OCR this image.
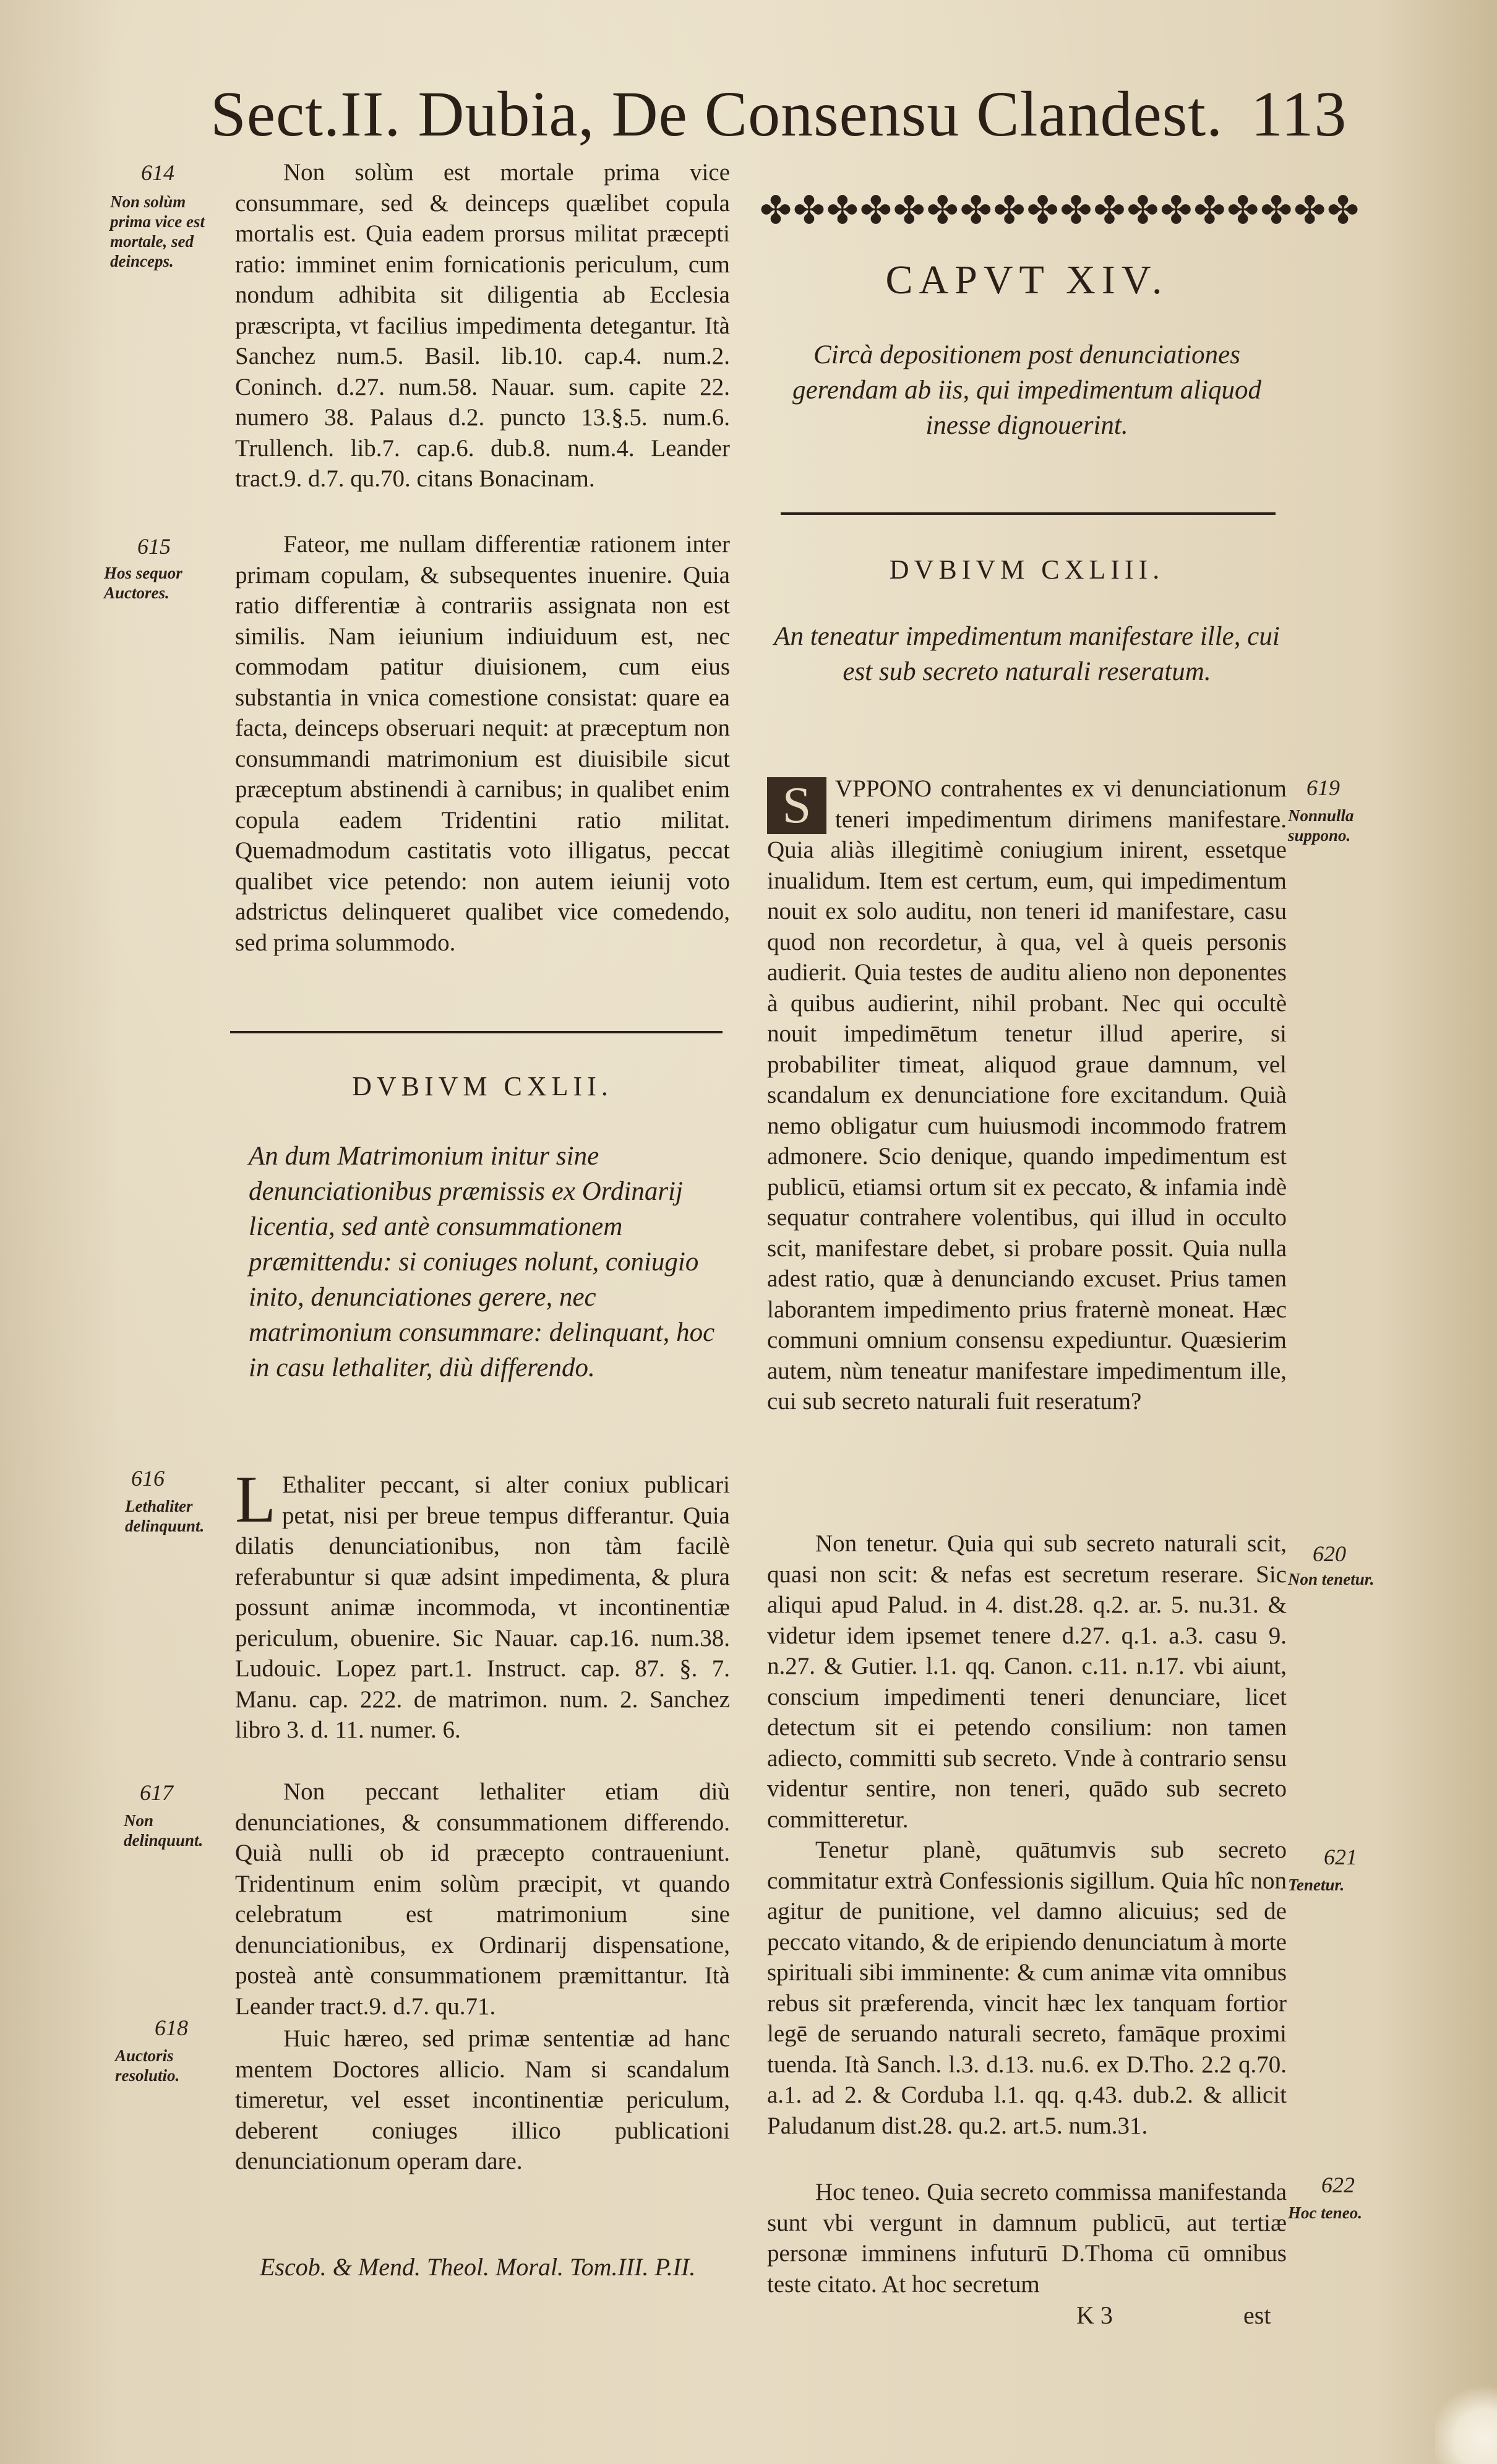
Sect.II. Dubia, De Consensu Clandest. 113
614
Non solùm prima vice est mortale, sed deinceps.

Non solùm est mortale prima vice consummare, sed & deinceps quælibet copula mortalis est. Quia eadem prorsus militat præcepti ratio: imminet enim fornicationis periculum, cum nondum adhibita sit diligentia ab Ecclesia præscripta, vt facilius impedimenta detegantur. Ità Sanchez num.5. Basil. lib.10. cap.4. num.2. Coninch. d.27. num.58. Nauar. sum. capite 22. numero 38. Palaus d.2. puncto 13.§.5. num.6. Trullench. lib.7. cap.6. dub.8. num.4. Leander tract.9. d.7. qu.70. citans Bonacinam.

615
Hos sequor Auctores.

Fateor, me nullam differentiæ rationem inter primam copulam, & subsequentes inuenire. Quia ratio differentiæ à contrariis assignata non est similis. Nam ieiunium indiuiduum est, nec commodam patitur diuisionem, cum eius substantia in vnica comestione consistat: quare ea facta, deinceps obseruari nequit: at præceptum non consummandi matrimonium est diuisibile sicut præceptum abstinendi à carnibus; in qualibet enim copula eadem Tridentini ratio militat. Quemadmodum castitatis voto illigatus, peccat qualibet vice petendo: non autem ieiunij voto adstrictus delinqueret qualibet vice comedendo, sed prima solummodo.

DVBIVM CXLII.
An dum Matrimonium initur sine denunciationibus præmissis ex Ordinarij licentia, sed antè consummationem præmittendu: si coniuges nolunt, coniugio inito, denunciationes gerere, nec matrimonium consummare: delinquant, hoc in casu lethaliter, diù differendo.
616
Lethaliter delinquunt. L Ethaliter peccant, si alter coniux publicari petat, nisi per breue tempus differantur. Quia dilatis denunciationibus, non tàm facilè referabuntur si quæ adsint impedimenta, & plura possunt animæ incommoda, vt incontinentiæ periculum, obuenire. Sic Nauar. cap.16. num.38. Ludouic. Lopez part.1. Instruct. cap. 87. §. 7. Manu. cap. 222. de matrimon. num. 2. Sanchez libro 3. d. 11. numer. 6.

617
Non delinquunt.

Non peccant lethaliter etiam diù denunciationes, & consummationem differendo. Quià nulli ob id præcepto contraueniunt. Tridentinum enim solùm præcipit, vt quando celebratum est matrimonium sine denunciationibus, ex Ordinarij dispensatione, posteà antè consummationem præmittantur. Ità Leander tract.9. d.7. qu.71.

618
Auctoris resolutio.

Huic hæreo, sed primæ sententiæ ad hanc mentem Doctores allicio. Nam si scandalum timeretur, vel esset incontinentiæ periculum, deberent coniuges illico publicationi denunciationum operam dare.

✤✤✤✤✤✤✤✤✤✤✤✤✤✤✤✤✤✤
CAPVT XIV.
Circà depositionem post denunciationes gerendam ab iis, qui impedimentum aliquod inesse dignouerint.
DVBIVM CXLIII.
An teneatur impedimentum manifestare ille, cui est sub secreto naturali reseratum.
619
Nonnulla suppono.

S VPPONO contrahentes ex vi denunciationum teneri impedimentum dirimens manifestare. Quia aliàs illegitimè coniugium inirent, essetque inualidum. Item est certum, eum, qui impedimentum nouit ex solo auditu, non teneri id manifestare, casu quod non recordetur, à qua, vel à queis personis audierit. Quia testes de auditu alieno non deponentes à quibus audierint, nihil probant. Nec qui occultè nouit impedimētum tenetur illud aperire, si probabiliter timeat, aliquod graue damnum, vel scandalum ex denunciatione fore excitandum. Quià nemo obligatur cum huiusmodi incommodo fratrem admonere. Scio denique, quando impedimentum est publicū, etiamsi ortum sit ex peccato, & infamia indè sequatur contrahere volentibus, qui illud in occulto scit, manifestare debet, si probare possit. Quia nulla adest ratio, quæ à denunciando excuset. Prius tamen laborantem impedimento prius fraternè moneat. Hæc communi omnium consensu expediuntur. Quæsierim autem, nùm teneatur manifestare impedimentum ille, cui sub secreto naturali fuit reseratum?

620
Non tenetur.

Non tenetur. Quia qui sub secreto naturali scit, quasi non scit: & nefas est secretum reserare. Sic aliqui apud Palud. in 4. dist.28. q.2. ar. 5. nu.31. & videtur idem ipsemet tenere d.27. q.1. a.3. casu 9. n.27. & Gutier. l.1. qq. Canon. c.11. n.17. vbi aiunt, conscium impedimenti teneri denunciare, licet detectum sit ei petendo consilium: non tamen adiecto, committi sub secreto. Vnde à contrario sensu videntur sentire, non teneri, quādo sub secreto committeretur.

621
Tenetur.

Tenetur planè, quātumvis sub secreto commitatur extrà Confessionis sigillum. Quia hîc non agitur de punitione, vel damno alicuius; sed de peccato vitando, & de eripiendo denunciatum à morte spirituali sibi imminente: & cum animæ vita omnibus rebus sit præferenda, vincit hæc lex tanquam fortior legē de seruando naturali secreto, famāque proximi tuenda. Ità Sanch. l.3. d.13. nu.6. ex D.Tho. 2.2 q.70. a.1. ad 2. & Corduba l.1. qq. q.43. dub.2. & allicit Paludanum dist.28. qu.2. art.5. num.31.

622
Hoc teneo.

Hoc teneo. Quia secreto commissa manifestanda sunt vbi vergunt in damnum publicū, aut tertiæ personæ imminens infuturū D.Thoma cū omnibus teste citato. At hoc secretum

Escob. & Mend. Theol. Moral. Tom.III. P.II.
K 3	est
